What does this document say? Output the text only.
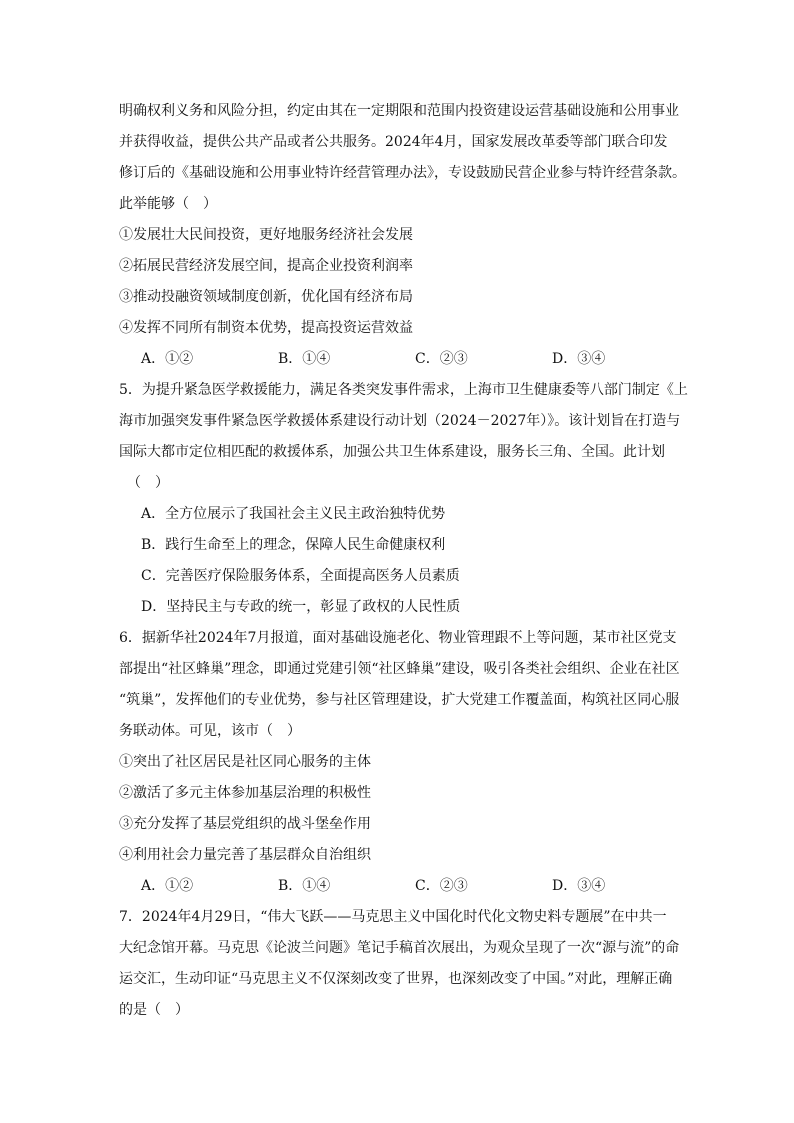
明确权利义务和风险分担，约定由其在一定期限和范围内投资建设运营基础设施和公用事业
并获得收益，提供公共产品或者公共服务。2024年4月，国家发展改革委等部门联合印发
修订后的《基础设施和公用事业特许经营管理办法》，专设鼓励民营企业参与特许经营条款。
此举能够（　）
①发展壮大民间投资，更好地服务经济社会发展
②拓展民营经济发展空间，提高企业投资利润率
③推动投融资领域制度创新，优化国有经济布局
④发挥不同所有制资本优势，提高投资运营效益
A．①②	B．①④	C．②③	D．③④
5．为提升紧急医学救援能力，满足各类突发事件需求，上海市卫生健康委等八部门制定《上
海市加强突发事件紧急医学救援体系建设行动计划（2024－2027年）》。该计划旨在打造与
国际大都市定位相匹配的救援体系，加强公共卫生体系建设，服务长三角、全国。此计划
（　）
A．全方位展示了我国社会主义民主政治独特优势
B．践行生命至上的理念，保障人民生命健康权利
C．完善医疗保险服务体系，全面提高医务人员素质
D．坚持民主与专政的统一，彰显了政权的人民性质
6．据新华社2024年7月报道，面对基础设施老化、物业管理跟不上等问题，某市社区党支
部提出“社区蜂巢”理念，即通过党建引领“社区蜂巢”建设，吸引各类社会组织、企业在社区
“筑巢”，发挥他们的专业优势，参与社区管理建设，扩大党建工作覆盖面，构筑社区同心服
务联动体。可见，该市（　）
①突出了社区居民是社区同心服务的主体
②激活了多元主体参加基层治理的积极性
③充分发挥了基层党组织的战斗堡垒作用
④利用社会力量完善了基层群众自治组织
A．①②	B．①④	C．②③	D．③④
7．2024年4月29日，“伟大飞跃——马克思主义中国化时代化文物史料专题展”在中共一
大纪念馆开幕。马克思《论波兰问题》笔记手稿首次展出，为观众呈现了一次“源与流”的命
运交汇，生动印证“马克思主义不仅深刻改变了世界，也深刻改变了中国。”对此，理解正确
的是（　）
